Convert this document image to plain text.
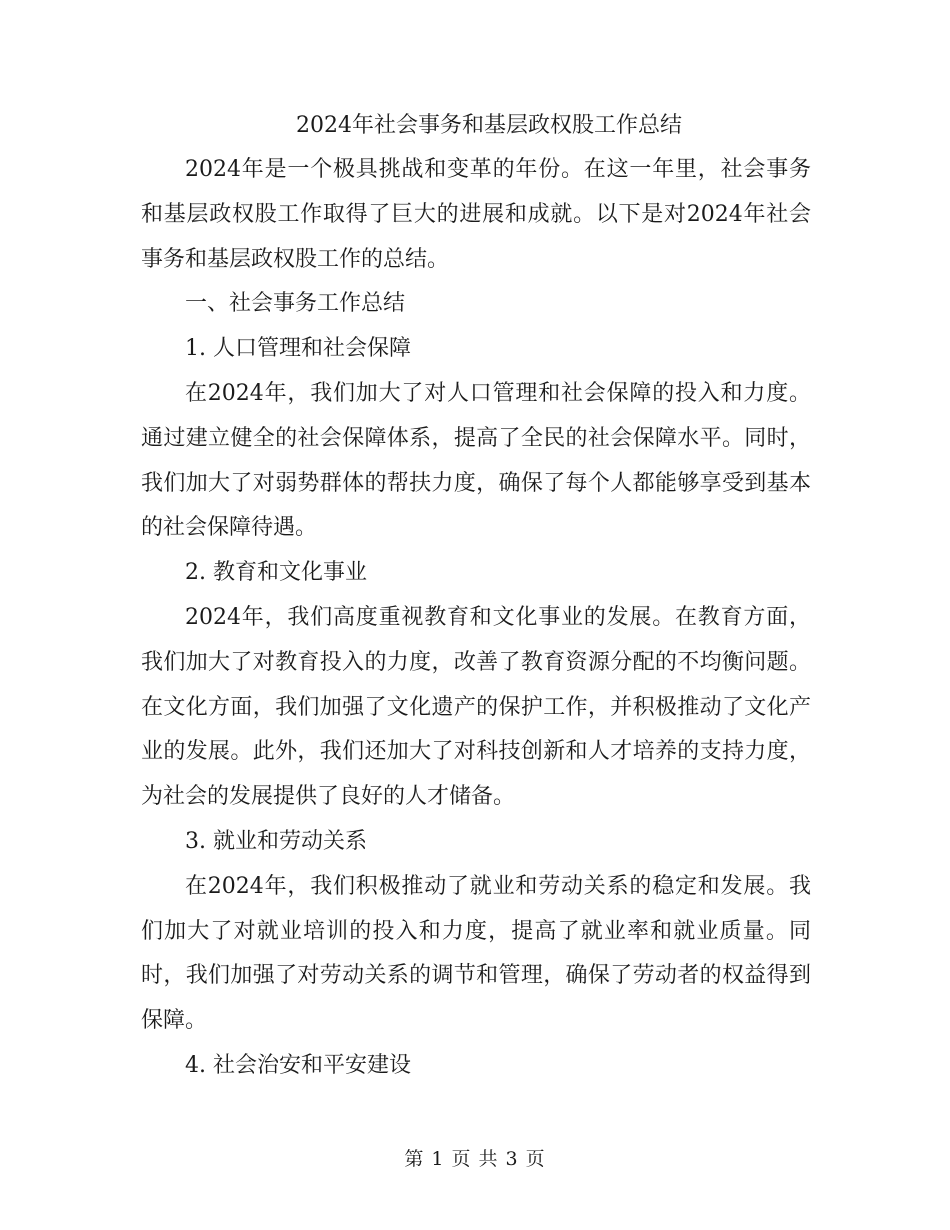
2024年社会事务和基层政权股工作总结

2024年是一个极具挑战和变革的年份。在这一年里，社会事务和基层政权股工作取得了巨大的进展和成就。以下是对2024年社会事务和基层政权股工作的总结。

一、社会事务工作总结

1. 人口管理和社会保障

在2024年，我们加大了对人口管理和社会保障的投入和力度。通过建立健全的社会保障体系，提高了全民的社会保障水平。同时，我们加大了对弱势群体的帮扶力度，确保了每个人都能够享受到基本的社会保障待遇。

2. 教育和文化事业

2024年，我们高度重视教育和文化事业的发展。在教育方面，我们加大了对教育投入的力度，改善了教育资源分配的不均衡问题。在文化方面，我们加强了文化遗产的保护工作，并积极推动了文化产业的发展。此外，我们还加大了对科技创新和人才培养的支持力度，为社会的发展提供了良好的人才储备。

3. 就业和劳动关系

在2024年，我们积极推动了就业和劳动关系的稳定和发展。我们加大了对就业培训的投入和力度，提高了就业率和就业质量。同时，我们加强了对劳动关系的调节和管理，确保了劳动者的权益得到保障。

4. 社会治安和平安建设

第 1 页 共 3 页
